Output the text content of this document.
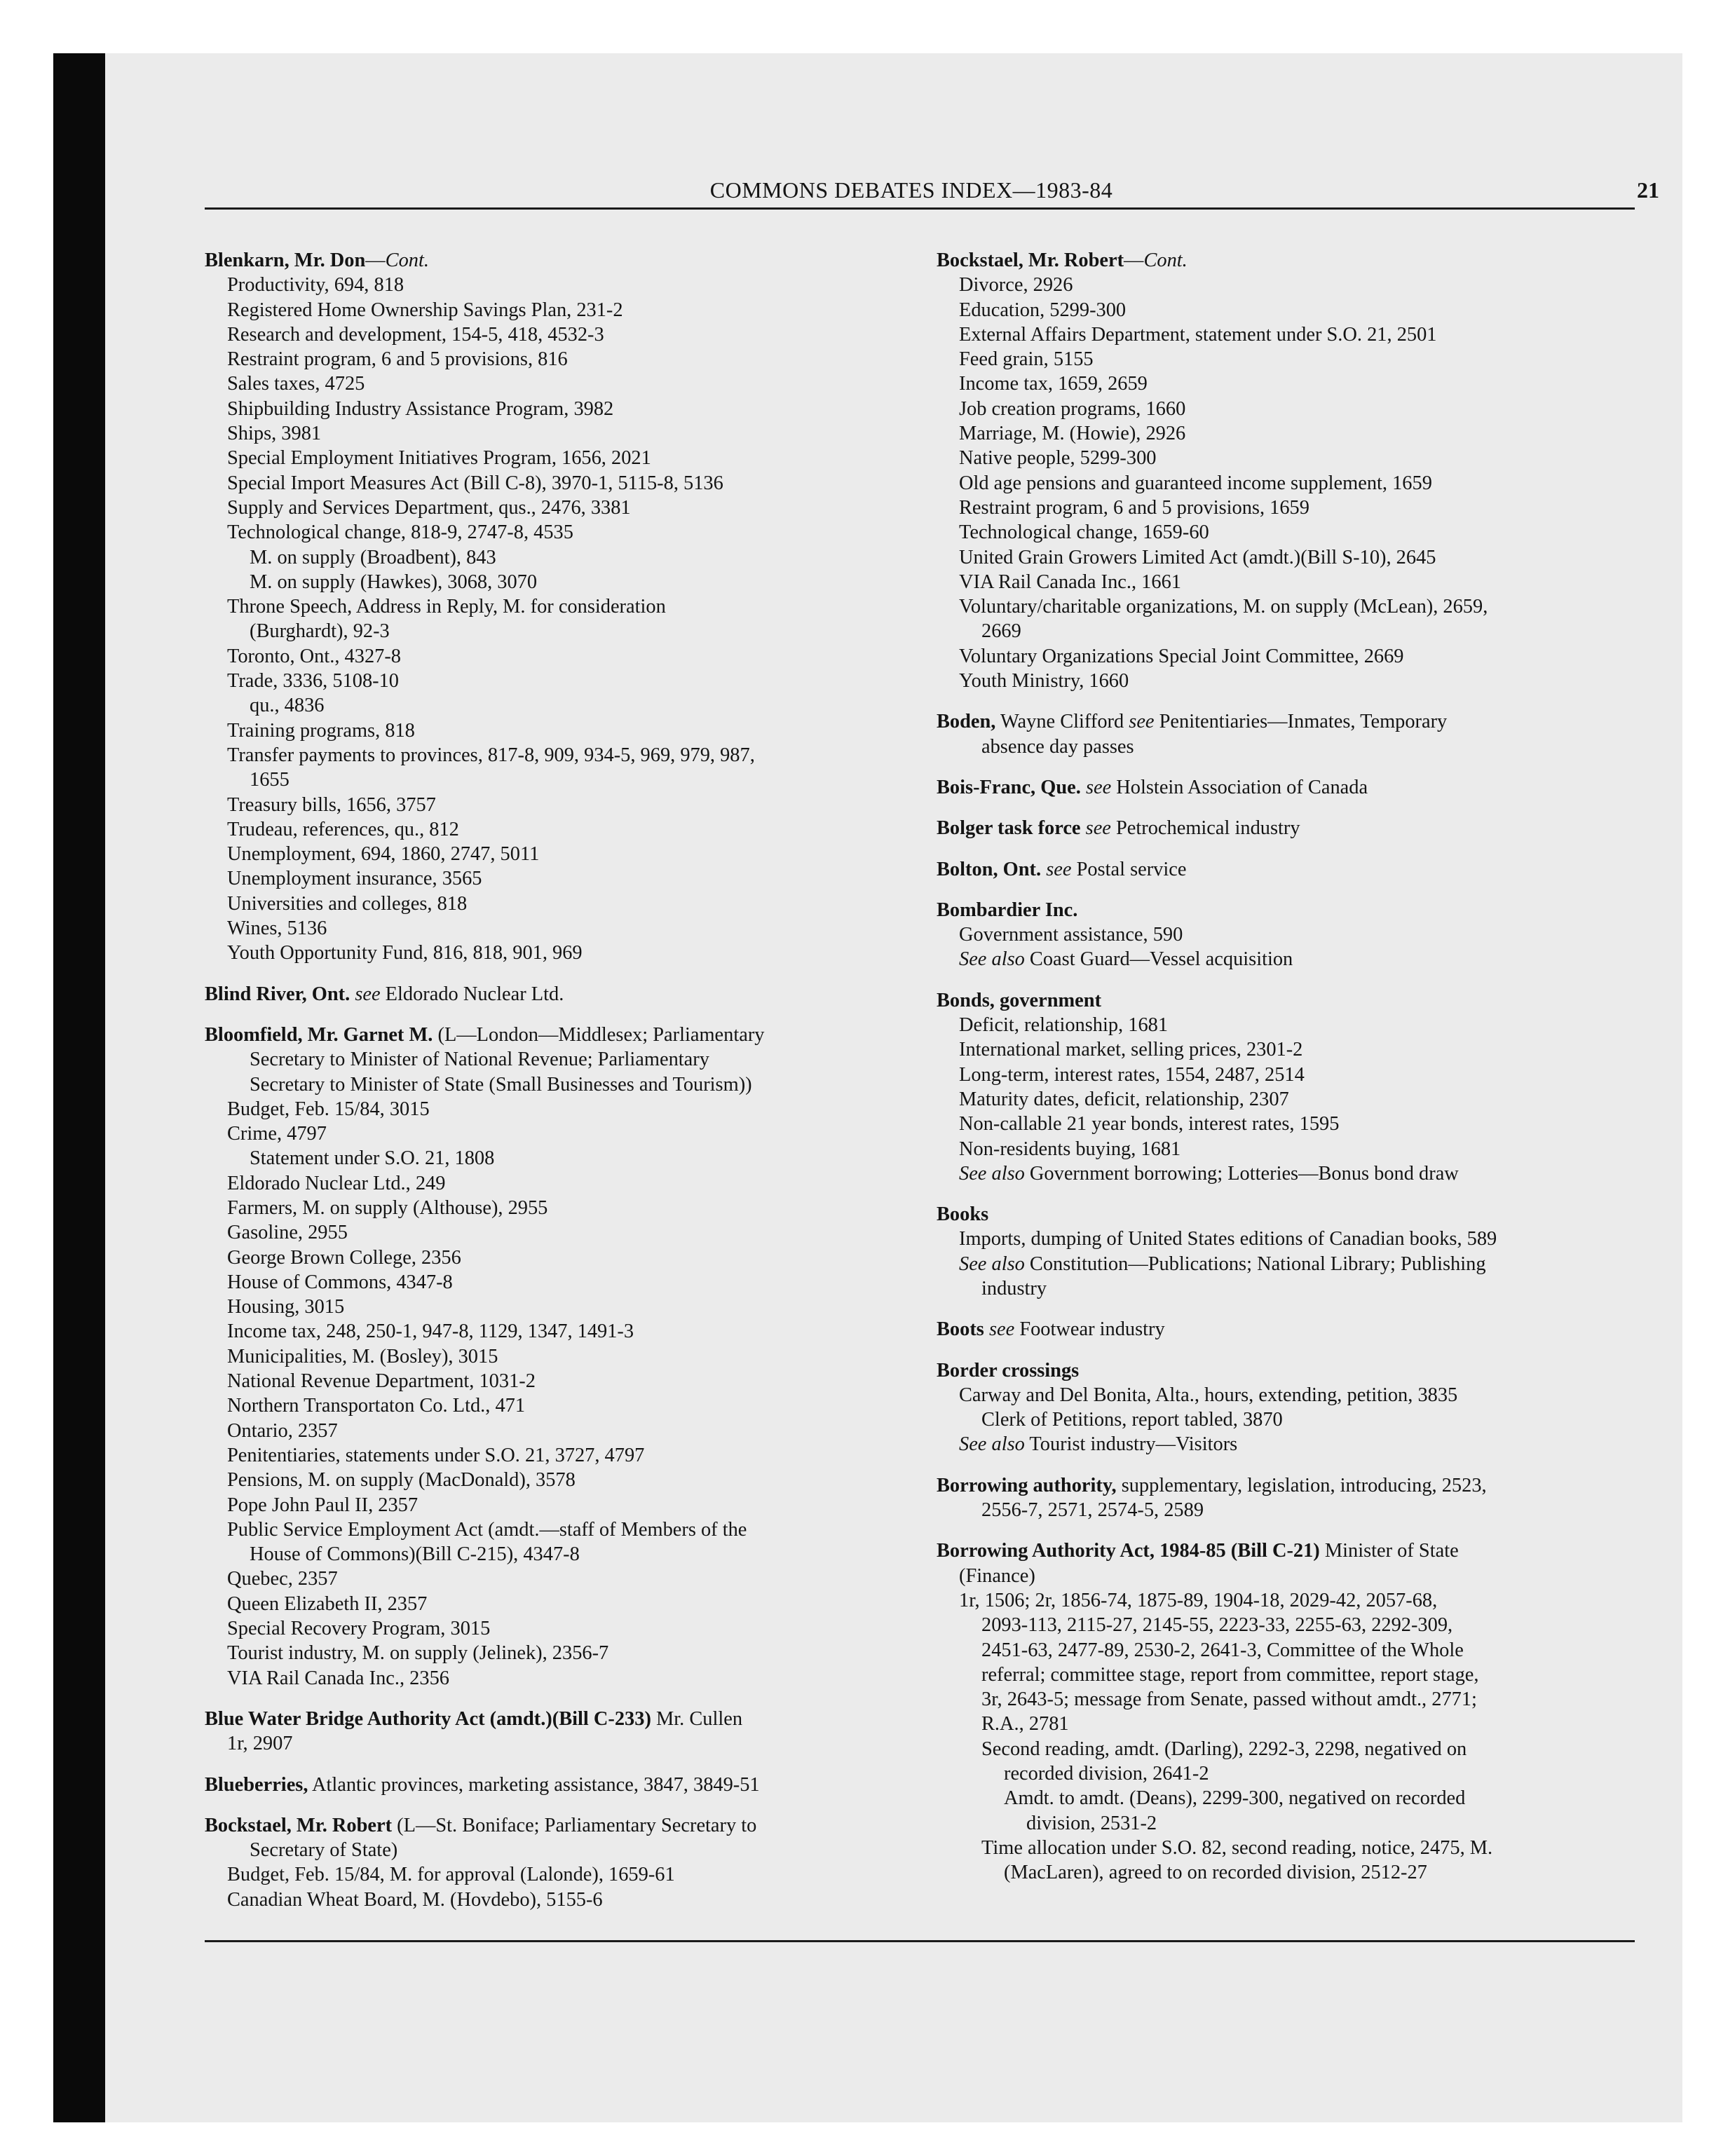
COMMONS DEBATES INDEX—1983-84	21
Blenkarn, Mr. Don—Cont.
Productivity, 694, 818
Registered Home Ownership Savings Plan, 231-2
Research and development, 154-5, 418, 4532-3
Restraint program, 6 and 5 provisions, 816
Sales taxes, 4725
Shipbuilding Industry Assistance Program, 3982
Ships, 3981
Special Employment Initiatives Program, 1656, 2021
Special Import Measures Act (Bill C-8), 3970-1, 5115-8, 5136
Supply and Services Department, qus., 2476, 3381
Technological change, 818-9, 2747-8, 4535
M. on supply (Broadbent), 843
M. on supply (Hawkes), 3068, 3070
Throne Speech, Address in Reply, M. for consideration
(Burghardt), 92-3
Toronto, Ont., 4327-8
Trade, 3336, 5108-10
qu., 4836
Training programs, 818
Transfer payments to provinces, 817-8, 909, 934-5, 969, 979, 987,
1655
Treasury bills, 1656, 3757
Trudeau, references, qu., 812
Unemployment, 694, 1860, 2747, 5011
Unemployment insurance, 3565
Universities and colleges, 818
Wines, 5136
Youth Opportunity Fund, 816, 818, 901, 969
Blind River, Ont. see Eldorado Nuclear Ltd.
Bloomfield, Mr. Garnet M. (L—London—Middlesex; Parliamentary
Secretary to Minister of National Revenue; Parliamentary
Secretary to Minister of State (Small Businesses and Tourism))
Budget, Feb. 15/84, 3015
Crime, 4797
Statement under S.O. 21, 1808
Eldorado Nuclear Ltd., 249
Farmers, M. on supply (Althouse), 2955
Gasoline, 2955
George Brown College, 2356
House of Commons, 4347-8
Housing, 3015
Income tax, 248, 250-1, 947-8, 1129, 1347, 1491-3
Municipalities, M. (Bosley), 3015
National Revenue Department, 1031-2
Northern Transportaton Co. Ltd., 471
Ontario, 2357
Penitentiaries, statements under S.O. 21, 3727, 4797
Pensions, M. on supply (MacDonald), 3578
Pope John Paul II, 2357
Public Service Employment Act (amdt.—staff of Members of the
House of Commons)(Bill C-215), 4347-8
Quebec, 2357
Queen Elizabeth II, 2357
Special Recovery Program, 3015
Tourist industry, M. on supply (Jelinek), 2356-7
VIA Rail Canada Inc., 2356
Blue Water Bridge Authority Act (amdt.)(Bill C-233) Mr. Cullen
1r, 2907
Blueberries, Atlantic provinces, marketing assistance, 3847, 3849-51
Bockstael, Mr. Robert (L—St. Boniface; Parliamentary Secretary to
Secretary of State)
Budget, Feb. 15/84, M. for approval (Lalonde), 1659-61
Canadian Wheat Board, M. (Hovdebo), 5155-6
Bockstael, Mr. Robert—Cont.
Divorce, 2926
Education, 5299-300
External Affairs Department, statement under S.O. 21, 2501
Feed grain, 5155
Income tax, 1659, 2659
Job creation programs, 1660
Marriage, M. (Howie), 2926
Native people, 5299-300
Old age pensions and guaranteed income supplement, 1659
Restraint program, 6 and 5 provisions, 1659
Technological change, 1659-60
United Grain Growers Limited Act (amdt.)(Bill S-10), 2645
VIA Rail Canada Inc., 1661
Voluntary/charitable organizations, M. on supply (McLean), 2659,
2669
Voluntary Organizations Special Joint Committee, 2669
Youth Ministry, 1660
Boden, Wayne Clifford see Penitentiaries—Inmates, Temporary
absence day passes
Bois-Franc, Que. see Holstein Association of Canada
Bolger task force see Petrochemical industry
Bolton, Ont. see Postal service
Bombardier Inc.
Government assistance, 590
See also Coast Guard—Vessel acquisition
Bonds, government
Deficit, relationship, 1681
International market, selling prices, 2301-2
Long-term, interest rates, 1554, 2487, 2514
Maturity dates, deficit, relationship, 2307
Non-callable 21 year bonds, interest rates, 1595
Non-residents buying, 1681
See also Government borrowing; Lotteries—Bonus bond draw
Books
Imports, dumping of United States editions of Canadian books, 589
See also Constitution—Publications; National Library; Publishing
industry
Boots see Footwear industry
Border crossings
Carway and Del Bonita, Alta., hours, extending, petition, 3835
Clerk of Petitions, report tabled, 3870
See also Tourist industry—Visitors
Borrowing authority, supplementary, legislation, introducing, 2523,
2556-7, 2571, 2574-5, 2589
Borrowing Authority Act, 1984-85 (Bill C-21) Minister of State
(Finance)
1r, 1506; 2r, 1856-74, 1875-89, 1904-18, 2029-42, 2057-68,
2093-113, 2115-27, 2145-55, 2223-33, 2255-63, 2292-309,
2451-63, 2477-89, 2530-2, 2641-3, Committee of the Whole
referral; committee stage, report from committee, report stage,
3r, 2643-5; message from Senate, passed without amdt., 2771;
R.A., 2781
Second reading, amdt. (Darling), 2292-3, 2298, negatived on
recorded division, 2641-2
Amdt. to amdt. (Deans), 2299-300, negatived on recorded
division, 2531-2
Time allocation under S.O. 82, second reading, notice, 2475, M.
(MacLaren), agreed to on recorded division, 2512-27
